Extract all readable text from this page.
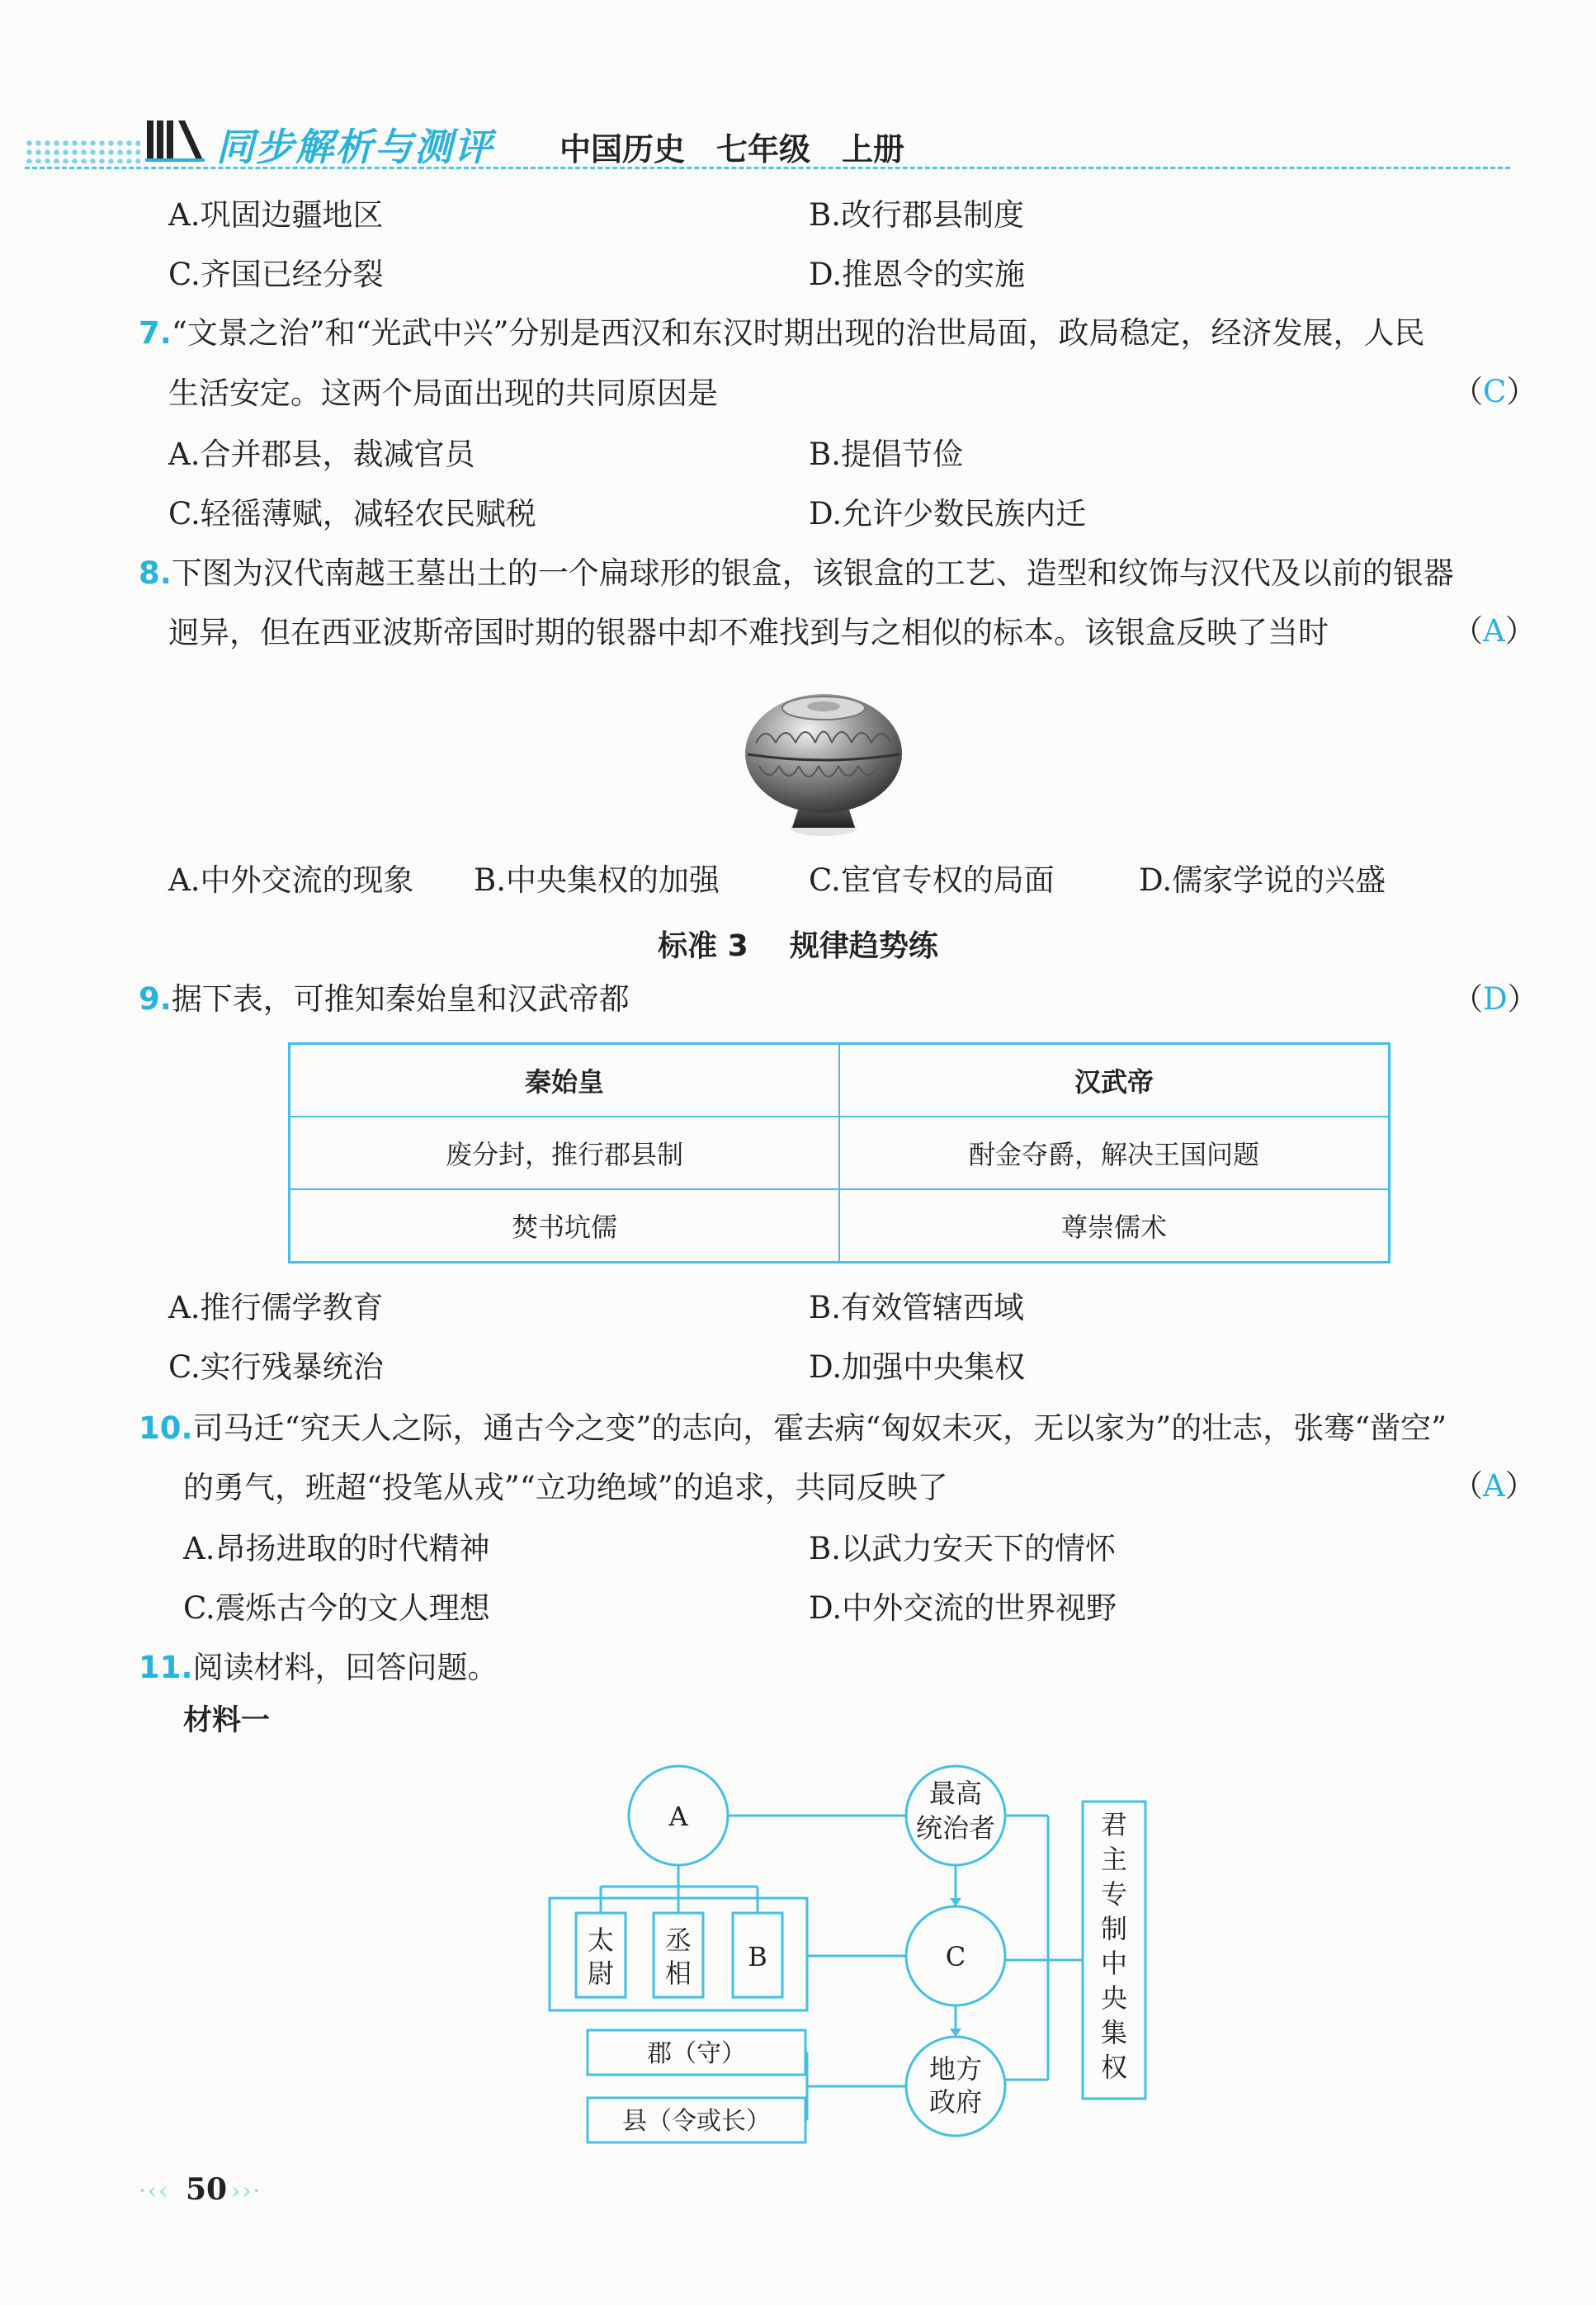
同步解析与测评 中国历史　七年级　上册
A.巩固边疆地区	B.改行郡县制度
C.齐国已经分裂	D.推恩令的实施
7.“文景之治”和“光武中兴”分别是西汉和东汉时期出现的治世局面，政局稳定，经济发展，人民
生活安定。这两个局面出现的共同原因是	（C）
A.合并郡县，裁减官员	B.提倡节俭
C.轻徭薄赋，减轻农民赋税	D.允许少数民族内迁
8.下图为汉代南越王墓出土的一个扁球形的银盒，该银盒的工艺、造型和纹饰与汉代及以前的银器
迥异，但在西亚波斯帝国时期的银器中却不难找到与之相似的标本。该银盒反映了当时	（A）
A.中外交流的现象 B.中央集权的加强	C.宦官专权的局面	D.儒家学说的兴盛
标准 3 规律趋势练
9.据下表，可推知秦始皇和汉武帝都	（D）
秦始皇	汉武帝
废分封，推行郡县制	酎金夺爵，解决王国问题
焚书坑儒	尊崇儒术
A.推行儒学教育	B.有效管辖西域
C.实行残暴统治	D.加强中央集权
10.司马迁“究天人之际，通古今之变”的志向，霍去病“匈奴未灭，无以家为”的壮志，张骞“凿空”
的勇气，班超“投笔从戎”“立功绝域”的追求，共同反映了	（A）
A.昂扬进取的时代精神	B.以武力安天下的情怀
C.震烁古今的文人理想	D.中外交流的世界视野
11.阅读材料，回答问题。
材料一
A
最高
统治者
C
地方
政府
太
尉
丞
相
B
郡（守）
县（令或长）
君
主
专
制
中
央
集
权
·‹‹ 50 ››·
